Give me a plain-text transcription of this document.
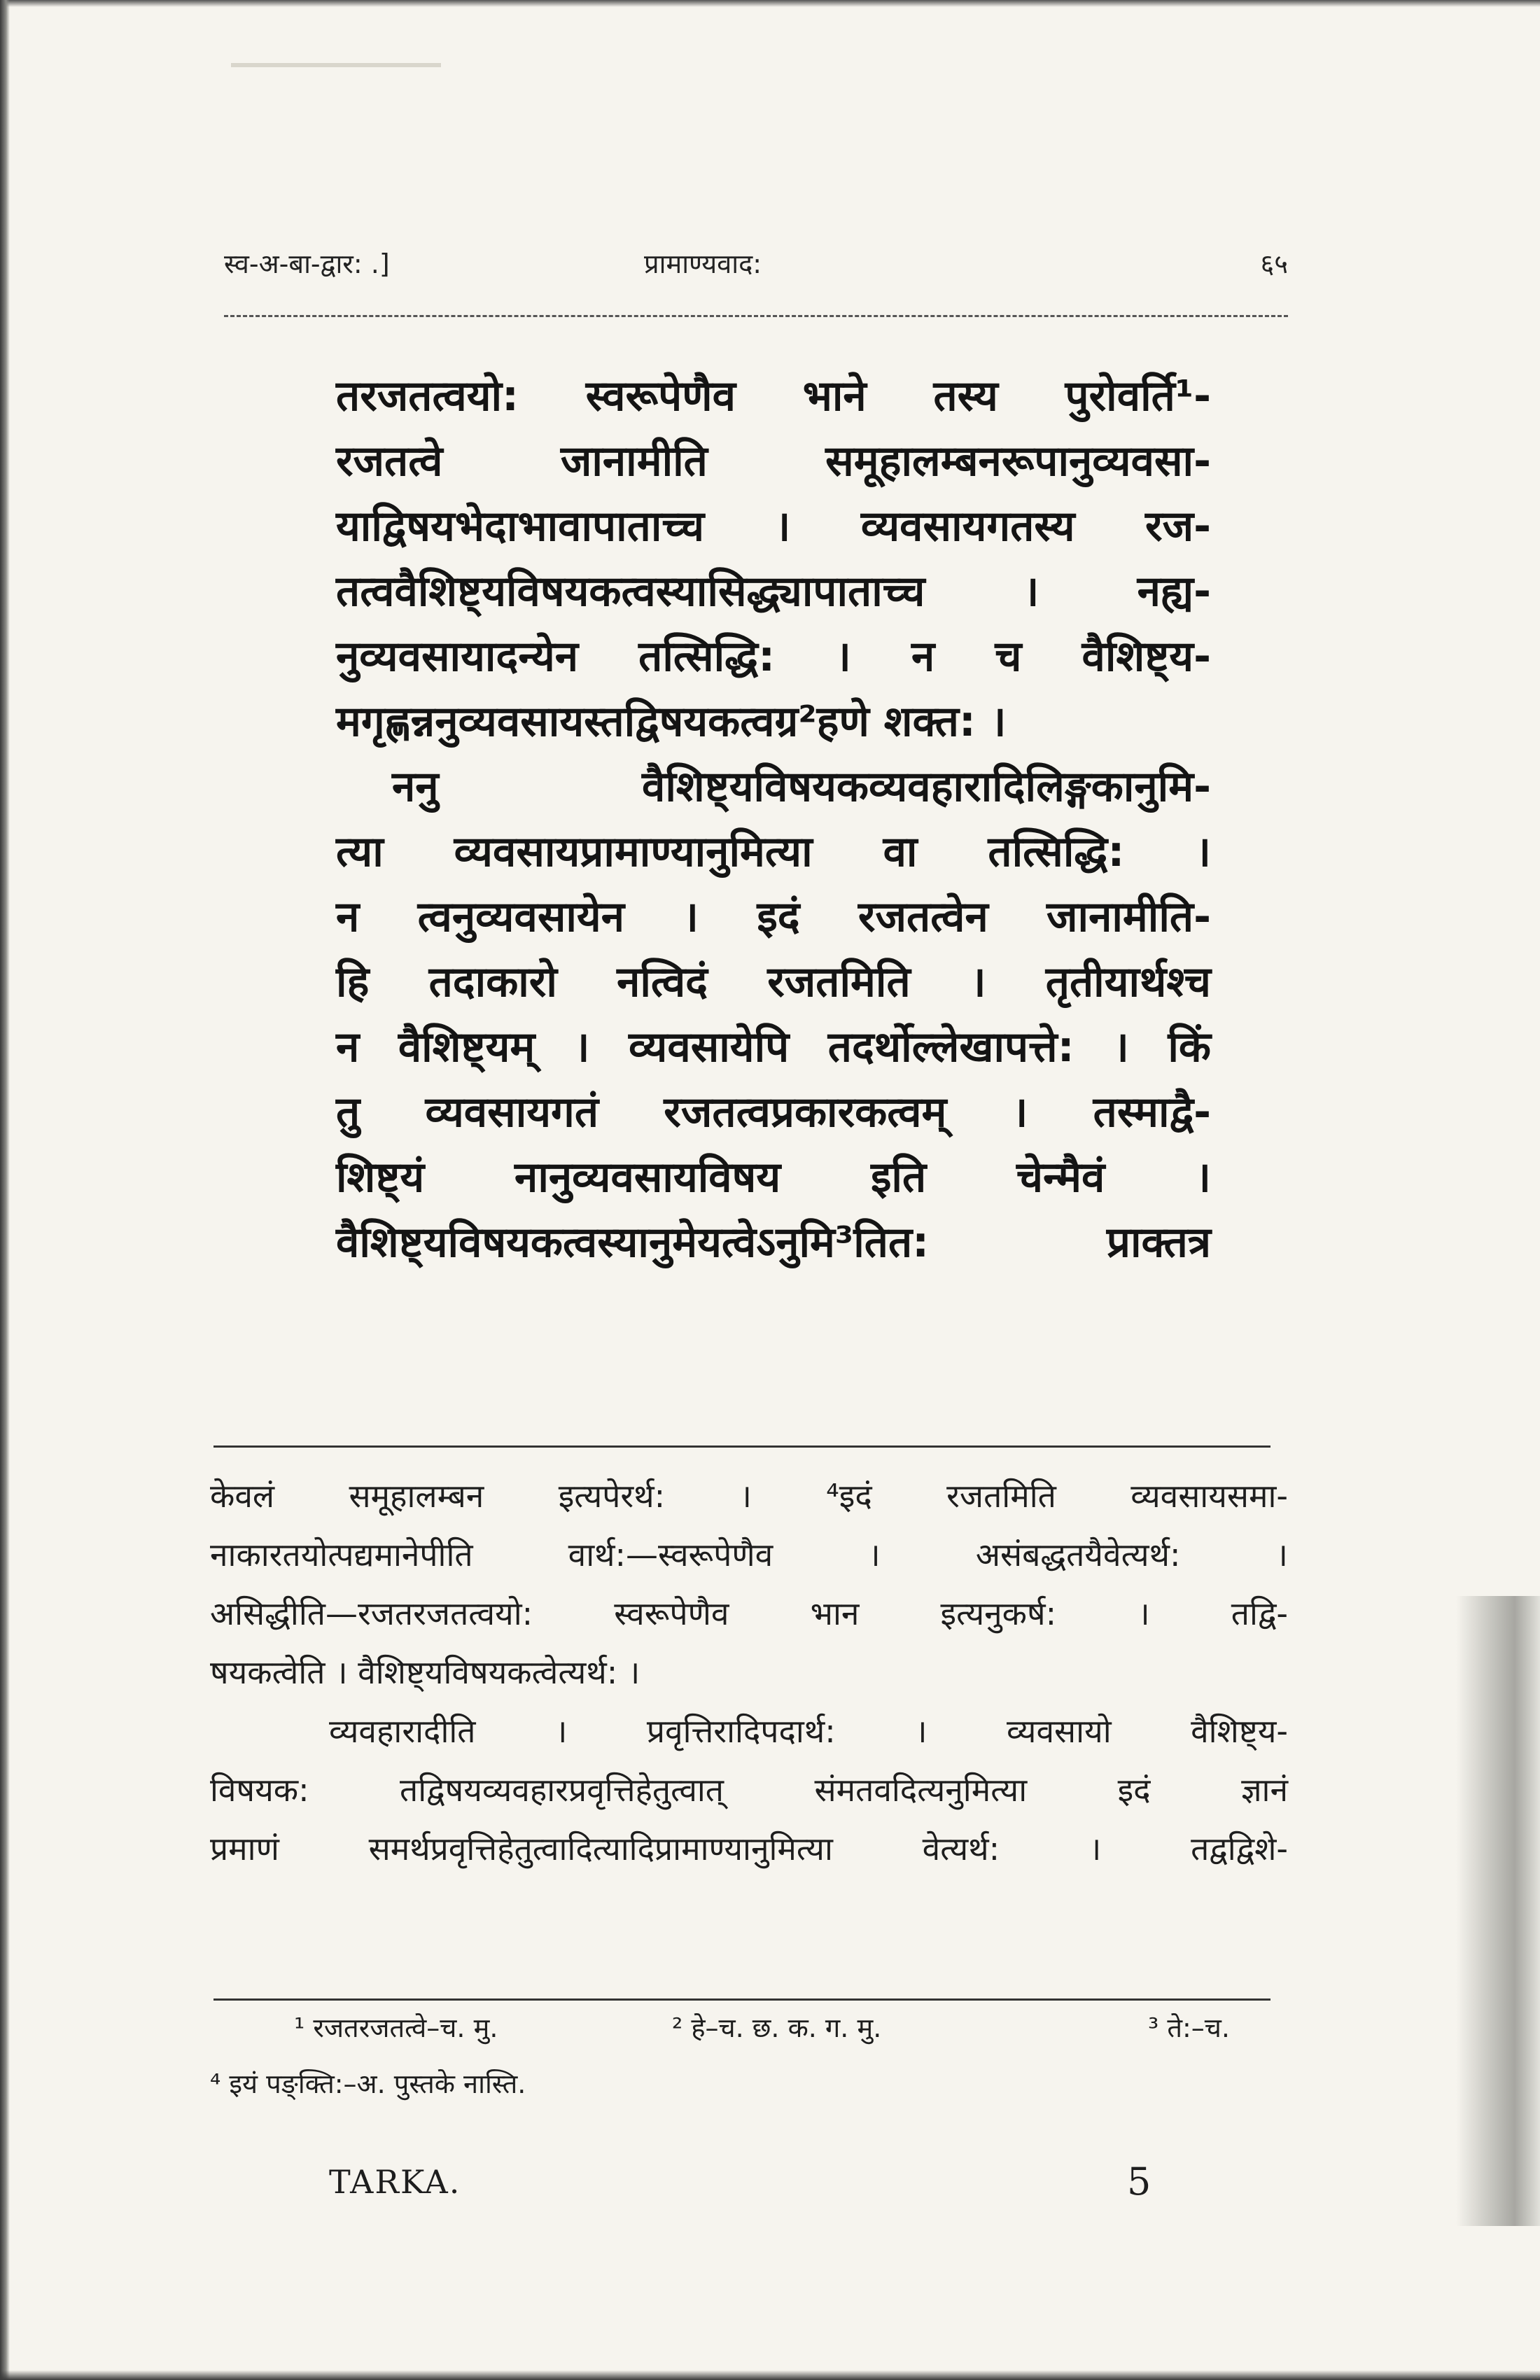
स्व-अ-बा-द्वार: .]	प्रामाण्यवाद:	६५
तरजतत्वयो: स्वरूपेणैव भाने तस्य पुरोवर्ति¹-
रजतत्वे जानामीति समूहालम्बनरूपानुव्यवसा-
याद्विषयभेदाभावापाताच्च । व्यवसायगतस्य रज-
तत्ववैशिष्ट्यविषयकत्वस्यासिद्ध्यापाताच्च । नह्य-
नुव्यवसायादन्येन तत्सिद्धि: । न च वैशिष्ट्य-
मगृह्णन्ननुव्यवसायस्तद्विषयकत्वग्र²हणे शक्त: ।
ननु वैशिष्ट्यविषयकव्यवहारादिलिङ्गकानुमि-
त्या व्यवसायप्रामाण्यानुमित्या वा तत्सिद्धि: ।
न त्वनुव्यवसायेन । इदं रजतत्वेन जानामीति-
हि तदाकारो नत्विदं रजतमिति । तृतीयार्थश्च
न वैशिष्ट्यम् । व्यवसायेपि तदर्थोल्लेखापत्ते: । किं
तु व्यवसायगतं रजतत्वप्रकारकत्वम् । तस्माद्वै-
शिष्ट्यं नानुव्यवसायविषय इति चेन्मैवं ।
वैशिष्ट्यविषयकत्वस्यानुमेयत्वेऽनुमि³तित: प्राक्तत्र
केवलं समूहालम्बन इत्यपेरर्थ: । ⁴इदं रजतमिति व्यवसायसमा-
नाकारतयोत्पद्यमानेपीति वार्थ:—स्वरूपेणैव । असंबद्धतयैवेत्यर्थ: ।
असिद्धीति—रजतरजतत्वयो: स्वरूपेणैव भान इत्यनुकर्ष: । तद्वि-
षयकत्वेति । वैशिष्ट्यविषयकत्वेत्यर्थ: ।
व्यवहारादीति । प्रवृत्तिरादिपदार्थ: । व्यवसायो वैशिष्ट्य-
विषयक: तद्विषयव्यवहारप्रवृत्तिहेतुत्वात् संमतवदित्यनुमित्या इदं ज्ञानं
प्रमाणं समर्थप्रवृत्तिहेतुत्वादित्यादिप्रामाण्यानुमित्या वेत्यर्थ: । तद्वद्विशे-
¹ रजतरजतत्वे–च. मु.	² हे–च. छ. क. ग. मु.	³ ते:–च.
⁴ इयं पङ्क्ति:–अ. पुस्तके नास्ति.
TARKA.	5
